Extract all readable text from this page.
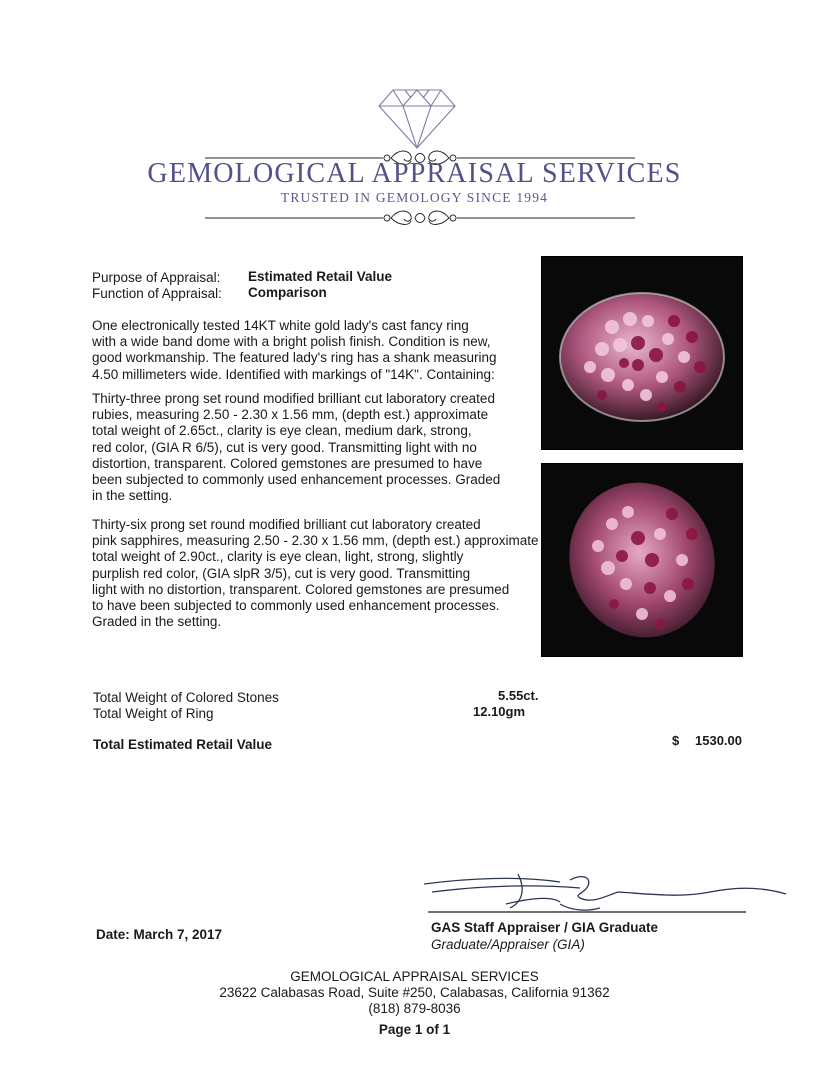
GEMOLOGICAL APPRAISAL SERVICES
TRUSTED IN GEMOLOGY SINCE 1994
Purpose of Appraisal: Estimated Retail Value
Function of Appraisal: Comparison
One electronically tested 14KT white gold lady's cast fancy ring
with a wide band dome with a bright polish finish. Condition is new,
good workmanship. The featured lady's ring has a shank measuring
4.50 millimeters wide. Identified with markings of "14K". Containing:
Thirty-three prong set round modified brilliant cut laboratory created
rubies, measuring 2.50 - 2.30 x 1.56 mm, (depth est.) approximate
total weight of 2.65ct., clarity is eye clean, medium dark, strong,
red color, (GIA R 6/5), cut is very good. Transmitting light with no
distortion, transparent. Colored gemstones are presumed to have
been subjected to commonly used enhancement processes. Graded
in the setting.
Thirty-six prong set round modified brilliant cut laboratory created
pink sapphires, measuring 2.50 - 2.30 x 1.56 mm, (depth est.) approximate
total weight of 2.90ct., clarity is eye clean, light, strong, slightly
purplish red color, (GIA slpR 3/5), cut is very good. Transmitting
light with no distortion, transparent. Colored gemstones are presumed
to have been subjected to commonly used enhancement processes.
Graded in the setting.
Total Weight of Colored Stones	5.55ct.
Total Weight of Ring	12.10gm
Total Estimated Retail Value	$ 1530.00
Date: March 7, 2017	GAS Staff Appraiser / GIA Graduate
Graduate/Appraiser (GIA)
GEMOLOGICAL APPRAISAL SERVICES
23622 Calabasas Road, Suite #250, Calabasas, California 91362
(818) 879-8036
Page 1 of 1
